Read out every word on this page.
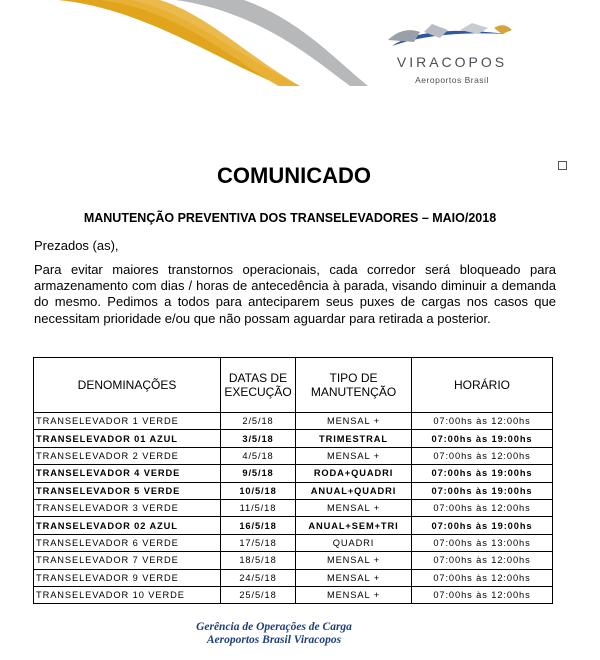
VIRACOPOS
Aeroportos Brasil
COMUNICADO
MANUTENÇÃO PREVENTIVA DOS TRANSELEVADORES – MAIO/2018
Prezados (as),
Para evitar maiores transtornos operacionais, cada corredor será bloqueado para armazenamento com dias / horas de antecedência à parada, visando diminuir a demanda do mesmo. Pedimos a todos para anteciparem seus puxes de cargas nos casos que necessitam prioridade e/ou que não possam aguardar para retirada a posterior.
DENOMINAÇÕES	DATAS DE EXECUÇÃO	TIPO DE MANUTENÇÃO	HORÁRIO
TRANSELEVADOR 1 VERDE	2/5/18	MENSAL +	07:00hs às 12:00hs
TRANSELEVADOR 01 AZUL	3/5/18	TRIMESTRAL	07:00hs às 19:00hs
TRANSELEVADOR 2 VERDE	4/5/18	MENSAL +	07:00hs às 12:00hs
TRANSELEVADOR 4 VERDE	9/5/18	RODA+QUADRI	07:00hs às 19:00hs
TRANSELEVADOR 5 VERDE	10/5/18	ANUAL+QUADRI	07:00hs às 19:00hs
TRANSELEVADOR 3 VERDE	11/5/18	MENSAL +	07:00hs às 12:00hs
TRANSELEVADOR 02 AZUL	16/5/18	ANUAL+SEM+TRI	07:00hs às 19:00hs
TRANSELEVADOR 6 VERDE	17/5/18	QUADRI	07:00hs às 13:00hs
TRANSELEVADOR 7 VERDE	18/5/18	MENSAL +	07:00hs às 12:00hs
TRANSELEVADOR 9 VERDE	24/5/18	MENSAL +	07:00hs às 12:00hs
TRANSELEVADOR 10 VERDE	25/5/18	MENSAL +	07:00hs às 12:00hs
Gerência de Operações de Carga
Aeroportos Brasil Viracopos
